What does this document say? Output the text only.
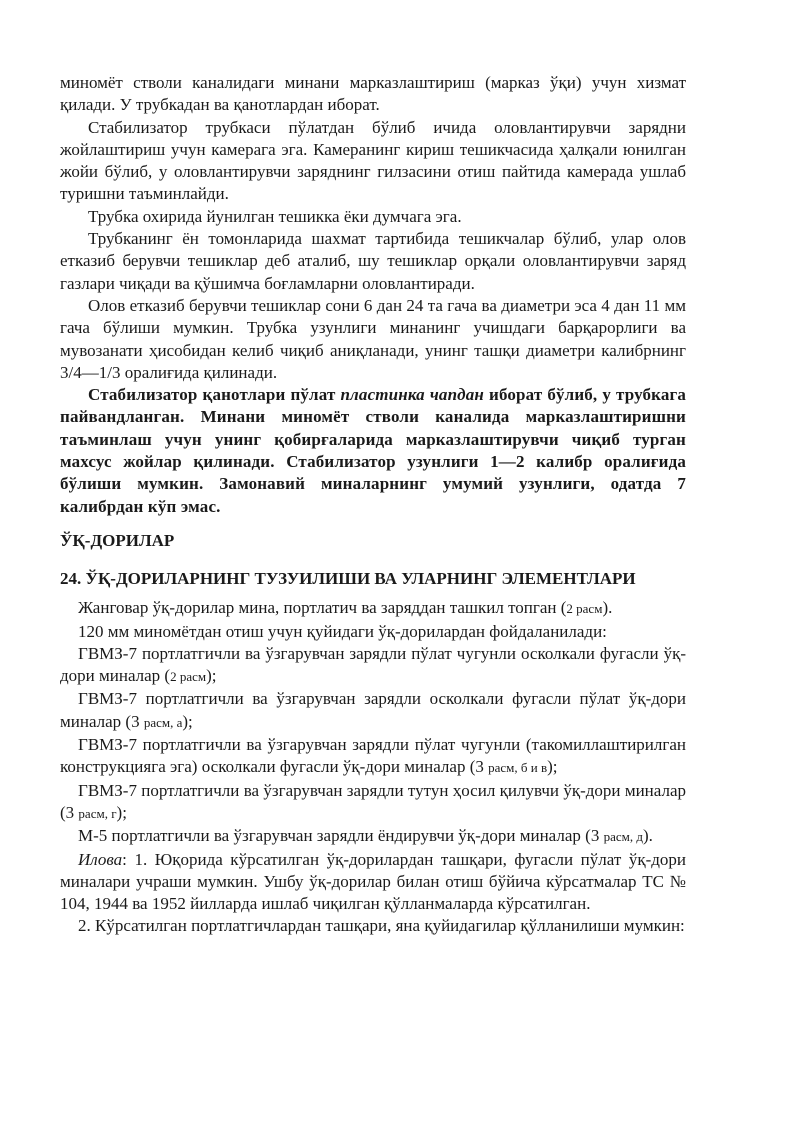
миномёт стволи каналидаги минани марказлаштириш (марказ ўқи) учун хизмат қилади. У трубкадан ва қанотлардан иборат.

Стабилизатор трубкаси пўлатдан бўлиб ичида оловлантирувчи зарядни жойлаштириш учун камерага эга. Камеранинг кириш тешикчасида ҳалқали юнилган жойи бўлиб, у оловлантирувчи заряднинг гилзасини отиш пайтида камерада ушлаб туришни таъминлайди.

Трубка охирида йунилган тешикка ёки думчага эга.

Трубканинг ён томонларида шахмат тартибида тешикчалар бўлиб, улар олов етказиб берувчи тешиклар деб аталиб, шу тешиклар орқали оловлантирувчи заряд газлари чиқади ва қўшимча боғламларни оловлантиради.

Олов етказиб берувчи тешиклар сони 6 дан 24 та гача ва диаметри эса 4 дан 11 мм гача бўлиши мумкин. Трубка узунлиги минанинг учишдаги барқарорлиги ва мувозанати ҳисобидан келиб чиқиб аниқланади, унинг ташқи диаметри калибрнинг 3/4—1/3 оралиғида қилинади.

Стабилизатор қанотлари пўлат пластинка чапдан иборат бўлиб, у трубкага пайвандланган. Минани миномёт стволи каналида марказлаштиришни таъминлаш учун унинг қобирғаларида марказлаштирувчи чиқиб турган махсус жойлар қилинади. Стабилизатор узунлиги 1—2 калибр оралиғида бўлиши мумкин. Замонавий миналарнинг умумий узунлиги, одатда 7 калибрдан кўп эмас.

ЎҚ-ДОРИЛАР

24. ЎҚ-ДОРИЛАРНИНГ ТУЗУИЛИШИ ВА УЛАРНИНГ ЭЛЕМЕНТЛАРИ

Жанговар ўқ-дорилар мина, портлатич ва заряддан ташкил топган (2 расм).

120 мм миномётдан отиш учун қуйидаги ўқ-дорилардан фойдаланилади:

ГВМЗ-7 портлатгичли ва ўзгарувчан зарядли пўлат чугунли осколкали фугасли ўқ-дори миналар (2 расм);

ГВМЗ-7 портлатгичли ва ўзгарувчан зарядли осколкали фугасли пўлат ўқ-дори миналар (3 расм, а);

ГВМЗ-7 портлатгичли ва ўзгарувчан зарядли пўлат чугунли (такомиллаштирилган конструкцияга эга) осколкали фугасли ўқ-дори миналар (3 расм, б и в);

ГВМЗ-7 портлатгичли ва ўзгарувчан зарядли тутун ҳосил қилувчи ўқ-дори миналар (3 расм, г);

М-5 портлатгичли ва ўзгарувчан зарядли ёндирувчи ўқ-дори миналар (3 расм, д).

Илова: 1. Юқорида кўрсатилган ўқ-дорилардан ташқари, фугасли пўлат ўқ-дори миналари учраши мумкин. Ушбу ўқ-дорилар билан отиш бўйича кўрсатмалар ТС № 104, 1944 ва 1952 йилларда ишлаб чиқилган қўлланмаларда кўрсатилган.

2. Кўрсатилган портлатгичлардан ташқари, яна қуйидагилар қўлланилиши мумкин:
